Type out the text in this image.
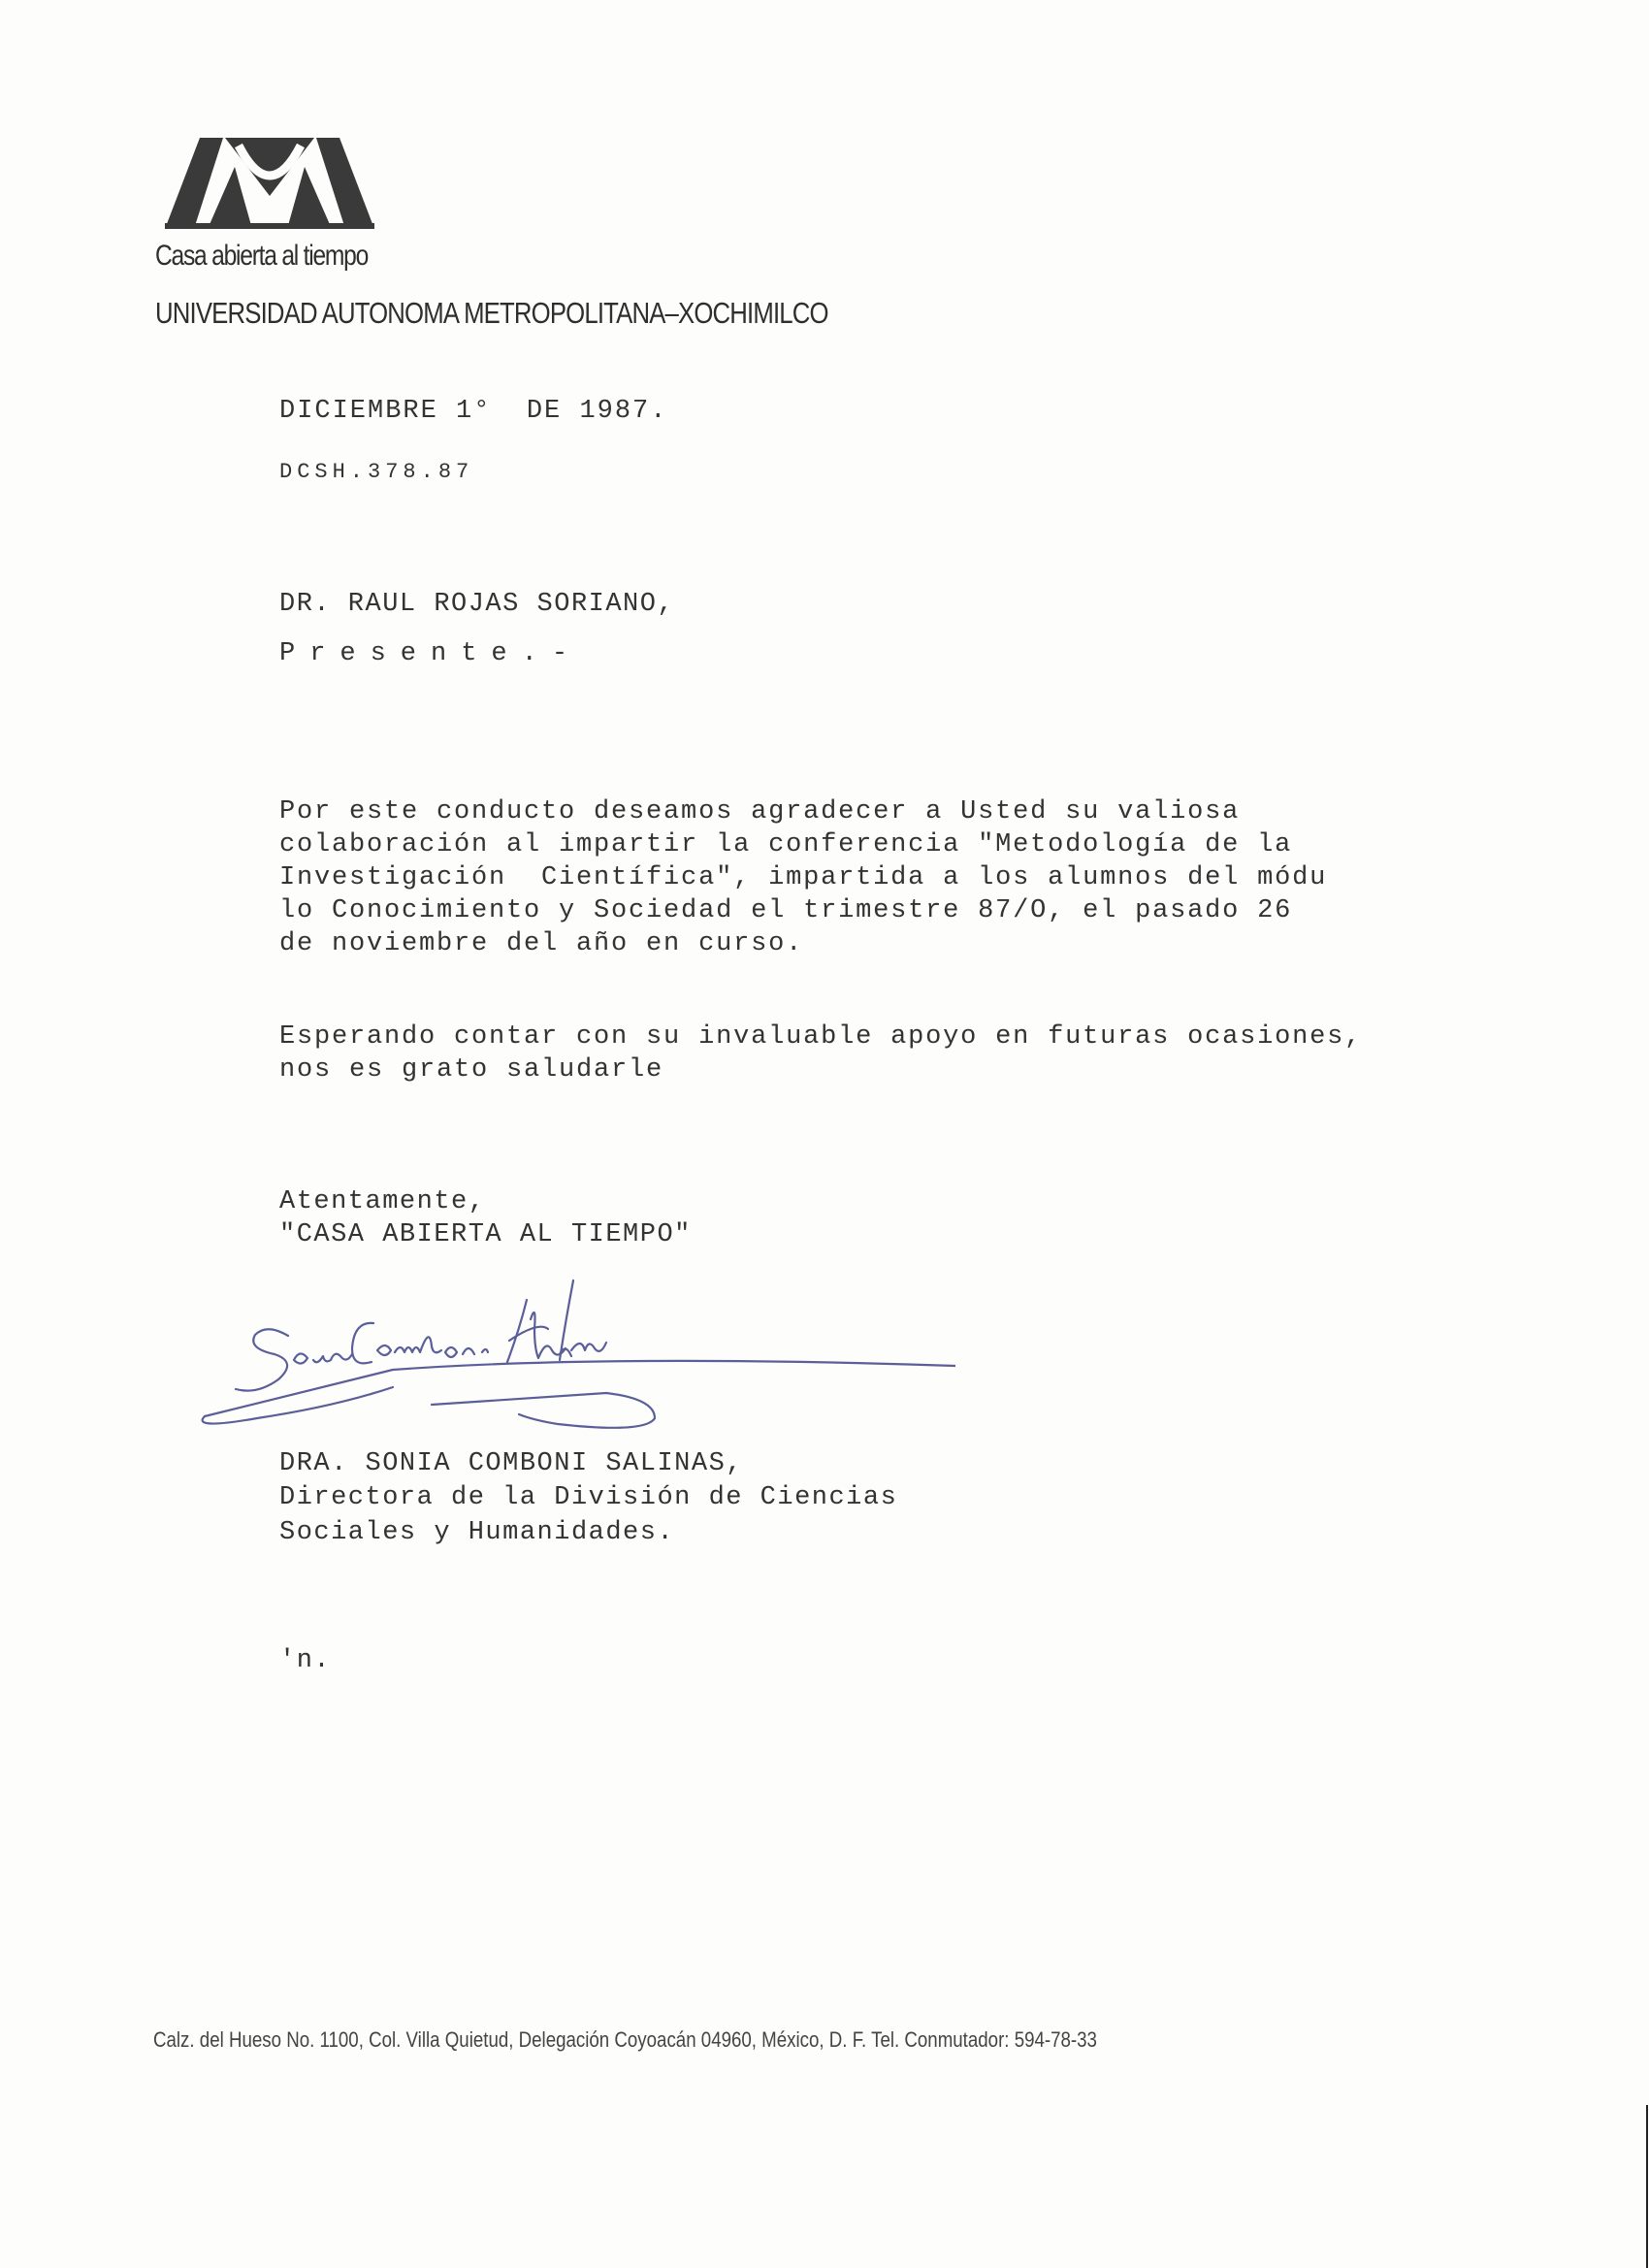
Casa abierta al tiempo
UNIVERSIDAD AUTONOMA METROPOLITANA–XOCHIMILCO
DICIEMBRE 1°  DE 1987.
DCSH.378.87
DR. RAUL ROJAS SORIANO,
Presente.-
Por este conducto deseamos agradecer a Usted su valiosa
colaboración al impartir la conferencia "Metodología de la
Investigación  Científica", impartida a los alumnos del módu
lo Conocimiento y Sociedad el trimestre 87/O, el pasado 26
de noviembre del año en curso.
Esperando contar con su invaluable apoyo en futuras ocasiones,
nos es grato saludarle
Atentamente,
"CASA ABIERTA AL TIEMPO"
DRA. SONIA COMBONI SALINAS,
Directora de la División de Ciencias
Sociales y Humanidades.
'n.
Calz. del Hueso No. 1100, Col. Villa Quietud, Delegación Coyoacán 04960, México, D. F. Tel. Conmutador: 594-78-33
